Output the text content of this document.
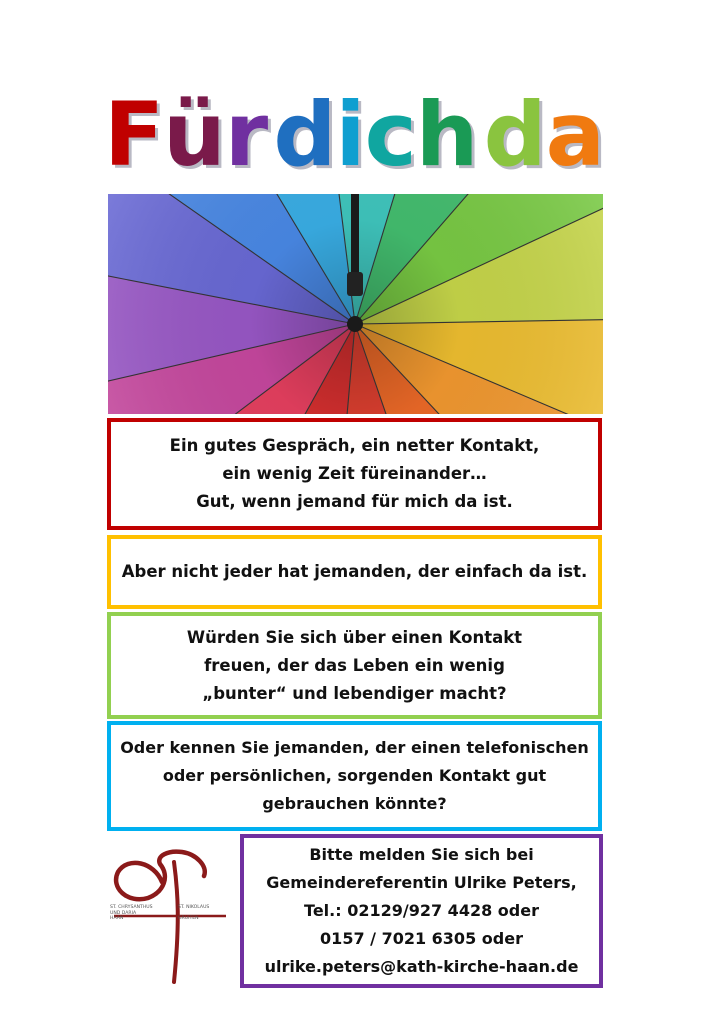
F ü r d i c h d a
Ein gutes Gespräch, ein netter Kontakt,
ein wenig Zeit füreinander…
Gut, wenn jemand für mich da ist.
Aber nicht jeder hat jemanden, der einfach da ist.
Würden Sie sich über einen Kontakt
freuen, der das Leben ein wenig
„bunter“ und lebendiger macht?
Oder kennen Sie jemanden, der einen telefonischen
oder persönlichen, sorgenden Kontakt gut
gebrauchen könnte?
ST. CHRYSANTHUS
UND DARIA
HAAN
ST. NIKOLAUS

GRUITEN
Bitte melden Sie sich bei
Gemeindereferentin Ulrike Peters,
Tel.: 02129/927 4428 oder
0157 / 7021 6305 oder
ulrike.peters@kath-kirche-haan.de
